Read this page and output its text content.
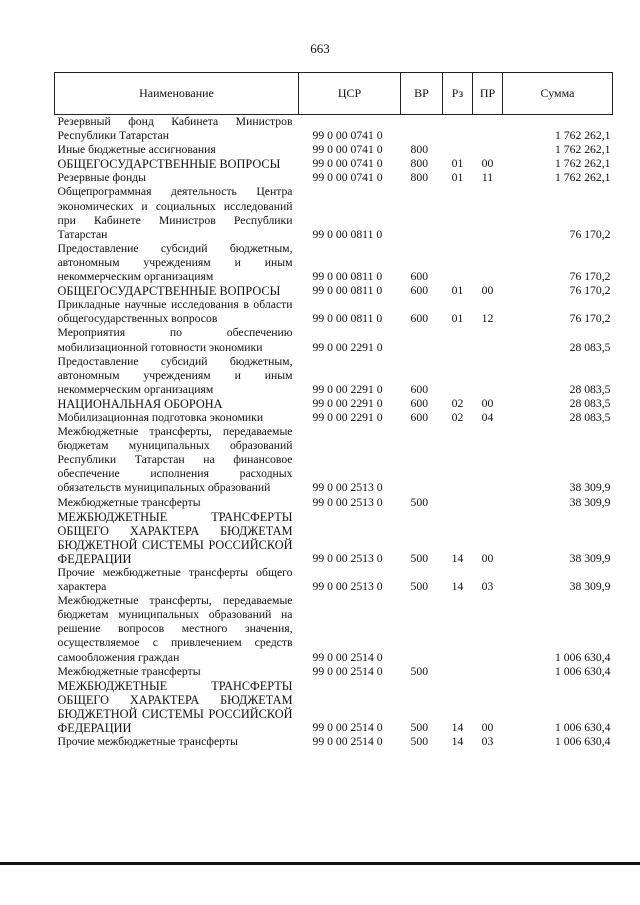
663
Наименование	ЦСР	ВР	Рз	ПР	Сумма
Резервный фонд Кабинета Министров Республики Татарстан	99 0 00 0741 0				1 762 262,1
Иные бюджетные ассигнования	99 0 00 0741 0	800			1 762 262,1
ОБЩЕГОСУДАРСТВЕННЫЕ ВОПРОСЫ	99 0 00 0741 0	800	01	00	1 762 262,1
Резервные фонды	99 0 00 0741 0	800	01	11	1 762 262,1
Общепрограммная деятельность Центра экономических и социальных исследований при Кабинете Министров Республики Татарстан	99 0 00 0811 0				76 170,2
Предоставление субсидий бюджетным, автономным учреждениям и иным некоммерческим организациям	99 0 00 0811 0	600			76 170,2
ОБЩЕГОСУДАРСТВЕННЫЕ ВОПРОСЫ	99 0 00 0811 0	600	01	00	76 170,2
Прикладные научные исследования в области общегосударственных вопросов	99 0 00 0811 0	600	01	12	76 170,2
Мероприятия по обеспечению мобилизационной готовности экономики	99 0 00 2291 0				28 083,5
Предоставление субсидий бюджетным, автономным учреждениям и иным некоммерческим организациям	99 0 00 2291 0	600			28 083,5
НАЦИОНАЛЬНАЯ ОБОРОНА	99 0 00 2291 0	600	02	00	28 083,5
Мобилизационная подготовка экономики	99 0 00 2291 0	600	02	04	28 083,5
Межбюджетные трансферты, передаваемые бюджетам муниципальных образований Республики Татарстан на финансовое обеспечение исполнения расходных обязательств муниципальных образований	99 0 00 2513 0				38 309,9
Межбюджетные трансферты	99 0 00 2513 0	500			38 309,9
МЕЖБЮДЖЕТНЫЕ ТРАНСФЕРТЫ ОБЩЕГО ХАРАКТЕРА БЮДЖЕТАМ БЮДЖЕТНОЙ СИСТЕМЫ РОССИЙСКОЙ ФЕДЕРАЦИИ	99 0 00 2513 0	500	14	00	38 309,9
Прочие межбюджетные трансферты общего характера	99 0 00 2513 0	500	14	03	38 309,9
Межбюджетные трансферты, передаваемые бюджетам муниципальных образований на решение вопросов местного значения, осуществляемое с привлечением средств самообложения граждан	99 0 00 2514 0				1 006 630,4
Межбюджетные трансферты	99 0 00 2514 0	500			1 006 630,4
МЕЖБЮДЖЕТНЫЕ ТРАНСФЕРТЫ ОБЩЕГО ХАРАКТЕРА БЮДЖЕТАМ БЮДЖЕТНОЙ СИСТЕМЫ РОССИЙСКОЙ ФЕДЕРАЦИИ	99 0 00 2514 0	500	14	00	1 006 630,4
Прочие межбюджетные трансферты	99 0 00 2514 0	500	14	03	1 006 630,4
